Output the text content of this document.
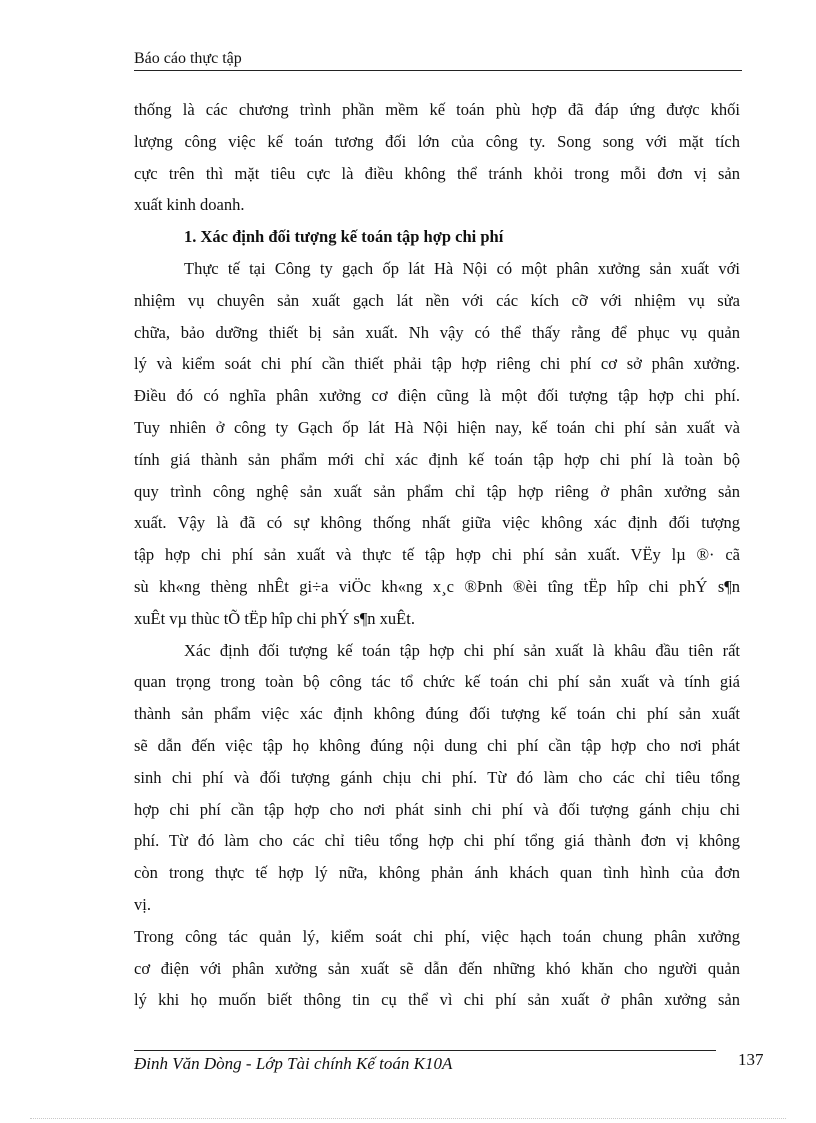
Báo cáo thực tập
thống là các chương trình phần mềm kế toán phù hợp đã đáp ứng được khối
lượng công việc kế toán tương đối lớn của công ty. Song song với mặt tích
cực trên thì mặt tiêu cực là điều không thể tránh khỏi trong mỗi đơn vị sản
xuất kinh doanh.
1. Xác định đối tượng kế toán tập hợp chi phí
Thực tế tại Công ty gạch ốp lát Hà Nội có một phân xưởng sản xuất với
nhiệm vụ chuyên sản xuất gạch lát nền với các kích cỡ với nhiệm vụ sửa
chữa, bảo dưỡng thiết bị sản xuất. Nh vậy có thể thấy rằng để phục vụ quản
lý và kiểm soát chi phí cần thiết phải tập hợp riêng chi phí cơ sở phân xưởng.
Điều đó có nghĩa phân xưởng cơ điện cũng là một đối tượng tập hợp chi phí.
Tuy nhiên ở công ty Gạch ốp lát Hà Nội hiện nay, kế toán chi phí sản xuất và
tính giá thành sản phẩm mới chỉ xác định kế toán tập hợp chi phí là toàn bộ
quy trình công nghệ sản xuất sản phẩm chỉ tập hợp riêng ở phân xưởng sản
xuất. Vậy là đã có sự không thống nhất giữa việc không xác định đối tượng
tập hợp chi phí sản xuất và thực tế tập hợp chi phí sản xuất. VËy lµ ®· cã
sù kh«ng thèng nhÊt gi÷a viÖc kh«ng x¸c ®Þnh ®èi tîng tËp hîp chi phÝ s¶n
xuÊt vµ thùc tÕ tËp hîp chi phÝ s¶n xuÊt.
Xác định đối tượng kế toán tập hợp chi phí sản xuất là khâu đầu tiên rất
quan trọng trong toàn bộ công tác tổ chức kế toán chi phí sản xuất và tính giá
thành sản phẩm việc xác định không đúng đối tượng kế toán chi phí sản xuất
sẽ dẫn đến việc tập họ không đúng nội dung chi phí cần tập hợp cho nơi phát
sinh chi phí và đối tượng gánh chịu chi phí. Từ đó làm cho các chỉ tiêu tổng
hợp chi phí cần tập hợp cho nơi phát sinh chi phí và đối tượng gánh chịu chi
phí. Từ đó làm cho các chỉ tiêu tổng hợp chi phí tổng giá thành đơn vị không
còn trong thực tế hợp lý nữa, không phản ánh khách quan tình hình của đơn
vị.
Trong công tác quản lý, kiểm soát chi phí, việc hạch toán chung phân xưởng
cơ điện với phân xưởng sản xuất sẽ dẫn đến những khó khăn cho người quản
lý khi họ muốn biết thông tin cụ thể vì chi phí sản xuất ở phân xưởng sản
Đinh Văn Dòng - Lớp Tài chính Kế toán K10A	137
